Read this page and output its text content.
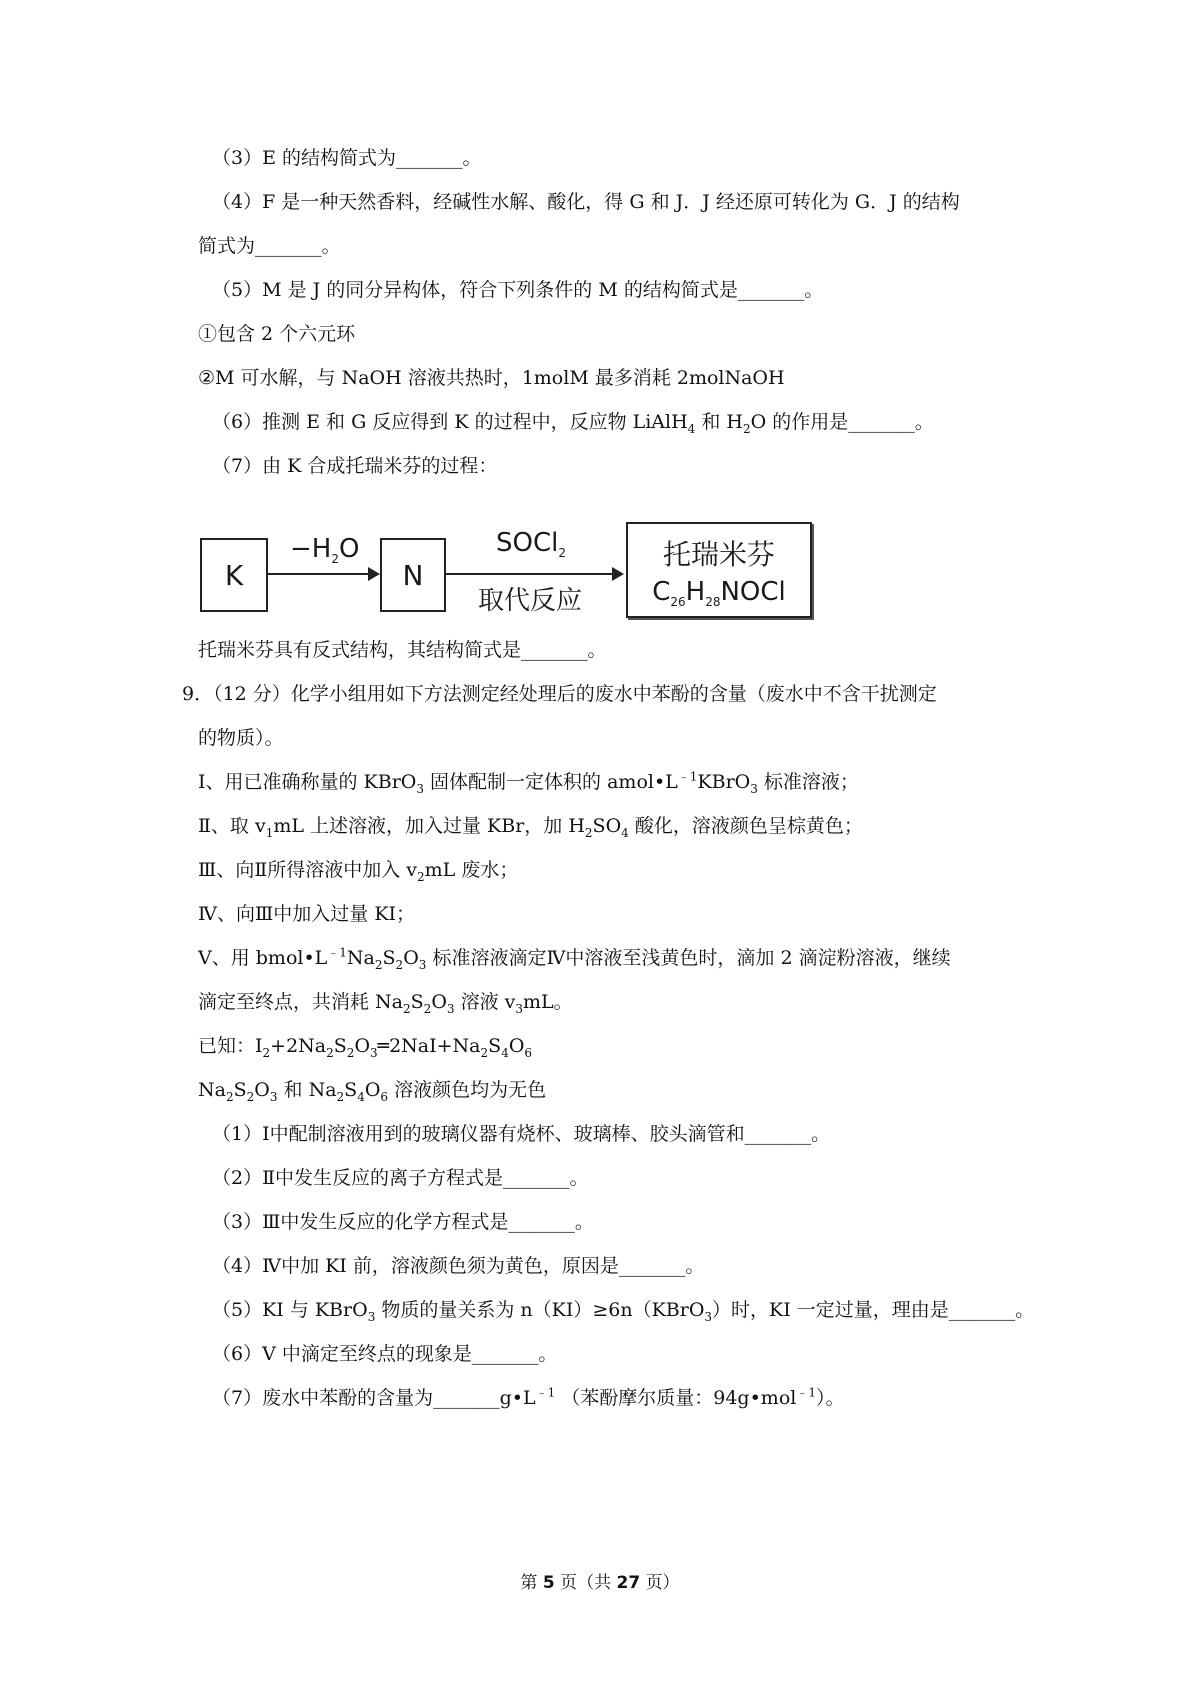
（3）E 的结构简式为_______。
（4）F 是一种天然香料，经碱性水解、酸化，得 G 和 J．J 经还原可转化为 G．J 的结构
简式为_______。
（5）M 是 J 的同分异构体，符合下列条件的 M 的结构简式是_______。
①包含 2 个六元环
②M 可水解，与 NaOH 溶液共热时，1molM 最多消耗 2molNaOH
（6）推测 E 和 G 反应得到 K 的过程中，反应物 LiAlH$_4$ 和 $H_2O$ 的作用是_______。
（7）由 K 合成托瑞米芬的过程：
K
$-H_2O$
N
SOCl$_2$
取代反应
托瑞米芬
$C_{26}H_{28}NOCl$
托瑞米芬具有反式结构，其结构简式是_______。
9．（12 分）化学小组用如下方法测定经处理后的废水中苯酚的含量（废水中不含干扰测定
的物质）。
Ⅰ、用已准确称量的 KBrO$_3$ 固体配制一定体积的 $amol•L^{﹣1}KBrO_3$ 标准溶液；
Ⅱ、取 $v_1mL$ 上述溶液，加入过量 KBr，加 $H_2SO_4$ 酸化，溶液颜色呈棕黄色；
Ⅲ、向Ⅱ所得溶液中加入 $v_2mL$ 废水；
Ⅳ、向Ⅲ中加入过量 KI；
Ⅴ、用 $bmol•L^{﹣1}Na_2S_2O_3$ 标准溶液滴定Ⅳ中溶液至浅黄色时，滴加 2 滴淀粉溶液，继续
滴定至终点，共消耗 $Na_2S_2O_3$ 溶液 $v_3mL$。
已知：$I_2+2Na_2S_2O_3═2NaI+Na_2S_4O_6$
$Na_2S_2O_3$ 和 $Na_2S_4O_6$ 溶液颜色均为无色
（1）Ⅰ中配制溶液用到的玻璃仪器有烧杯、玻璃棒、胶头滴管和_______。
（2）Ⅱ中发生反应的离子方程式是_______。
（3）Ⅲ中发生反应的化学方程式是_______。
（4）Ⅳ中加 KI 前，溶液颜色须为黄色，原因是_______。
（5）KI 与 KBrO$_3$ 物质的量关系为 n（KI）≥6n（KBrO$_3$）时，KI 一定过量，理由是_______。
（6）V 中滴定至终点的现象是_______。
（7）废水中苯酚的含量为$\_\_\_\_\_\_\_g•L^{﹣1}$ （苯酚摩尔质量：94g•mol$^{﹣1}$）。
第 5 页（共 27 页）
